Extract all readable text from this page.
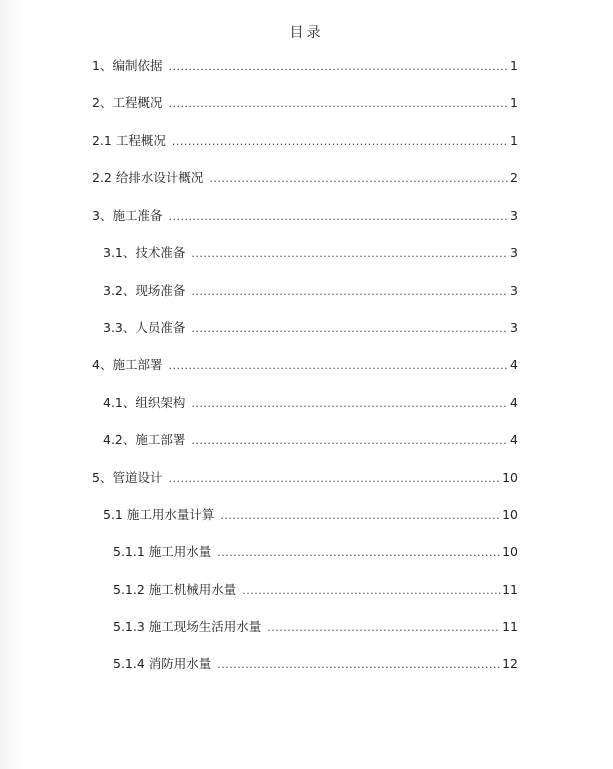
目录
1、编制依据 .....	1
2、工程概况 .....	1
2.1 工程概况 .....	1
2.2 给排水设计概况 .....	2
3、施工准备 .....	3
3.1、技术准备 .....	3
3.2、现场准备 .....	3
3.3、人员准备 .....	3
4、施工部署 .....	4
4.1、组织架构 .....	4
4.2、施工部署 .....	4
5、管道设计 .....	10
5.1 施工用水量计算 .....	10
5.1.1 施工用水量 .....	10
5.1.2 施工机械用水量 .....	11
5.1.3 施工现场生活用水量 .....	11
5.1.4 消防用水量 .....	12
